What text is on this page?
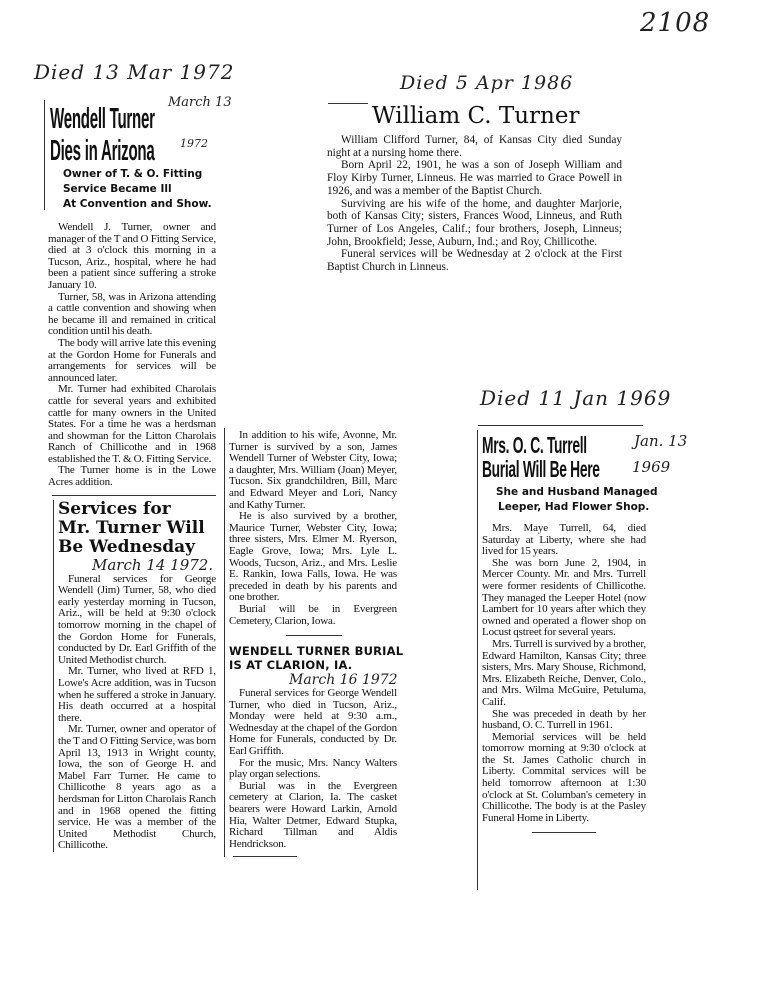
2108
Died 13 Mar 1972
Wendell Turner
Dies in Arizona
March 13
1972
Owner of T. & O. Fitting
Service Became Ill
At Convention and Show.

Wendell J. Turner, owner and manager of the T and O Fitting Service, died at 3 o'clock this morning in a Tucson, Ariz., hospital, where he had been a patient since suffering a stroke January 10.

Turner, 58, was in Arizona attending a cattle convention and showing when he became ill and remained in critical condition until his death.

The body will arrive late this evening at the Gordon Home for Funerals and arrangements for services will be announced later.

Mr. Turner had exhibited Charolais cattle for several years and exhibited cattle for many owners in the United States. For a time he was a herdsman and showman for the Litton Charolais Ranch of Chillicothe and in 1968 established the T. & O. Fitting Service.

The Turner home is in the Lowe Acres addition.

Services for
Mr. Turner Will
Be Wednesday
March 14 1972.

Funeral services for George Wendell (Jim) Turner, 58, who died early yesterday morning in Tucson, Ariz., will be held at 9:30 o'clock tomorrow morning in the chapel of the Gordon Home for Funerals, conducted by Dr. Earl Griffith of the United Methodist church.

Mr. Turner, who lived at RFD 1, Lowe's Acre addition, was in Tucson when he suffered a stroke in January. His death occurred at a hospital there.

Mr. Turner, owner and operator of the T and O Fitting Service, was born April 13, 1913 in Wright county, Iowa, the son of George H. and Mabel Farr Turner. He came to Chillicothe 8 years ago as a herdsman for Litton Charolais Ranch and in 1968 opened the fitting service. He was a member of the United Methodist Church, Chillicothe.

In addition to his wife, Avonne, Mr. Turner is survived by a son, James Wendell Turner of Webster City, Iowa; a daughter, Mrs. William (Joan) Meyer, Tucson. Six grandchildren, Bill, Marc and Edward Meyer and Lori, Nancy and Kathy Turner.

He is also survived by a brother, Maurice Turner, Webster City, Iowa; three sisters, Mrs. Elmer M. Ryerson, Eagle Grove, Iowa; Mrs. Lyle L. Woods, Tucson, Ariz., and Mrs. Leslie E. Rankin, Iowa Falls, Iowa. He was preceded in death by his parents and one brother.

Burial will be in Evergreen Cemetery, Clarion, Iowa.

WENDELL TURNER BURIAL
IS AT CLARION, IA.
March 16 1972

Funeral services for George Wendell Turner, who died in Tucson, Ariz., Monday were held at 9:30 a.m., Wednesday at the chapel of the Gordon Home for Funerals, conducted by Dr. Earl Griffith.

For the music, Mrs. Nancy Walters play organ selections.

Burial was in the Evergreen cemetery at Clarion, Ia. The casket bearers were Howard Larkin, Arnold Hia, Walter Detmer, Edward Stupka, Richard Tillman and Aldis Hendrickson.

Died 5 Apr 1986
William C. Turner

William Clifford Turner, 84, of Kansas City died Sunday night at a nursing home there.

Born April 22, 1901, he was a son of Joseph William and Floy Kirby Turner, Linneus. He was married to Grace Powell in 1926, and was a member of the Baptist Church.

Surviving are his wife of the home, and daughter Marjorie, both of Kansas City; sisters, Frances Wood, Linneus, and Ruth Turner of Los Angeles, Calif.; four brothers, Joseph, Linneus; John, Brookfield; Jesse, Auburn, Ind.; and Roy, Chillicothe.

Funeral services will be Wednesday at 2 o'clock at the First Baptist Church in Linneus.

Died 11 Jan 1969
Mrs. O. C. Turrell
Burial Will Be Here
Jan. 13
1969
She and Husband Managed
Leeper, Had Flower Shop.

Mrs. Maye Turrell, 64, died Saturday at Liberty, where she had lived for 15 years.

She was born June 2, 1904, in Mercer County. Mr. and Mrs. Turrell were former residents of Chillicothe. They managed the Leeper Hotel (now Lambert for 10 years after which they owned and operated a flower shop on Locust qstreet for several years.

Mrs. Turrell is survived by a brother, Edward Hamilton, Kansas City; three sisters, Mrs. Mary Shouse, Richmond, Mrs. Elizabeth Reiche, Denver, Colo., and Mrs. Wilma McGuire, Petuluma, Calif.

She was preceded in death by her husband, O. C. Turrell in 1961.

Memorial services will be held tomorrow morning at 9:30 o'clock at the St. James Catholic church in Liberty. Commital services will be held tomorrow afternoon at 1:30 o'clock at St. Columban's cemetery in Chillicothe. The body is at the Pasley Funeral Home in Liberty.
